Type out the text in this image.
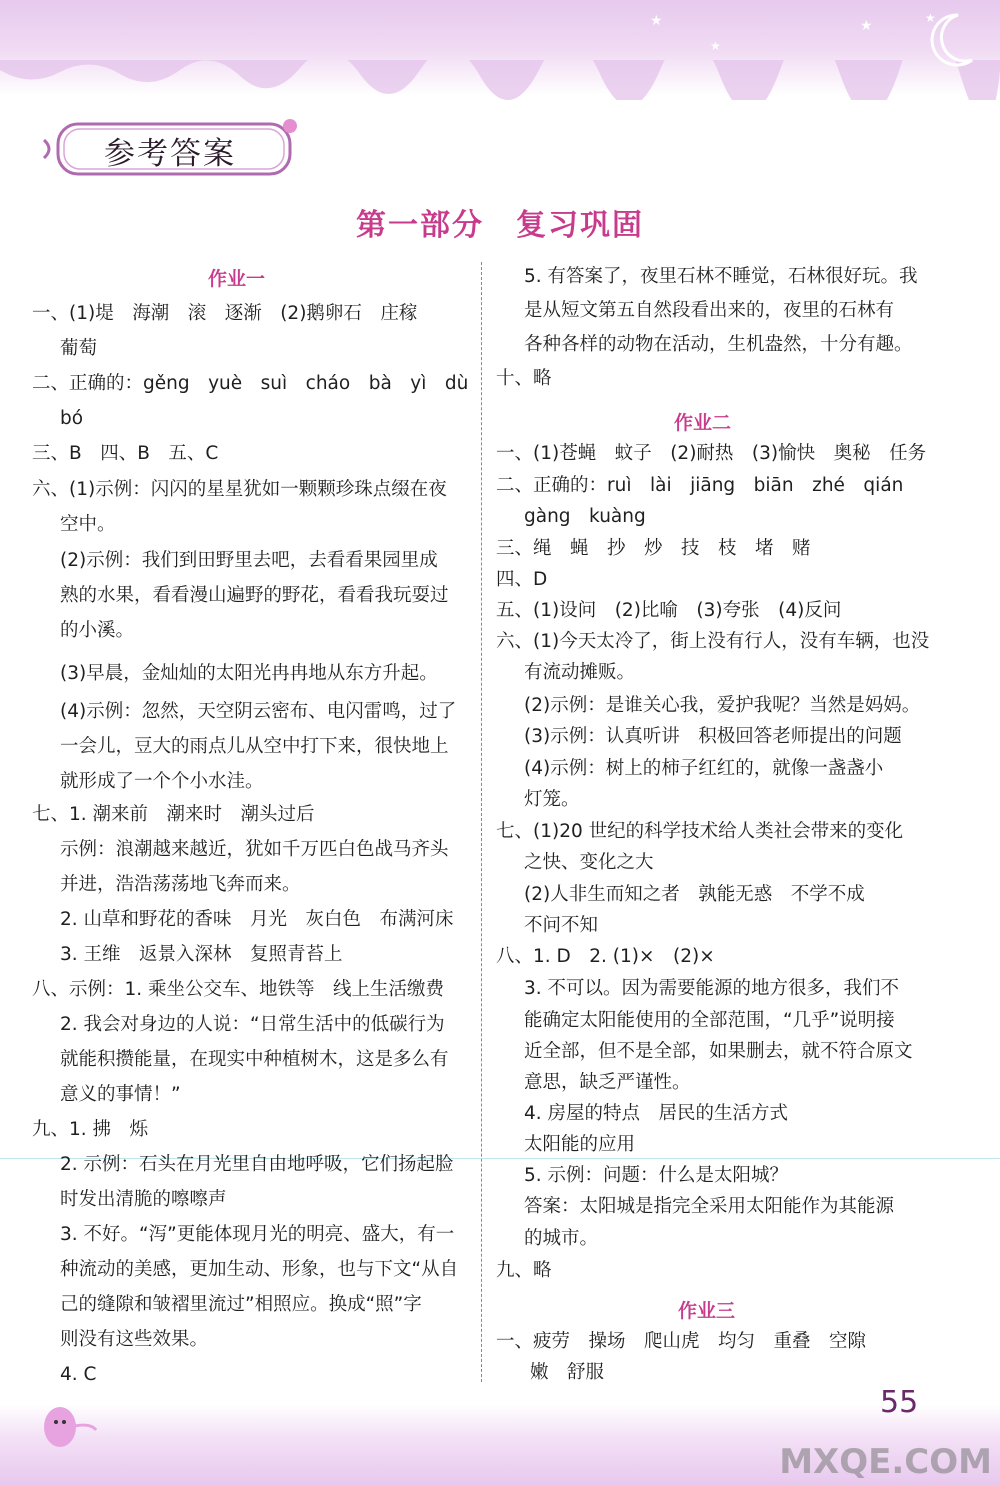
★
★
★	★
参考答案
第一部分　复习巩固
作业一
一、(1)堤　海潮　滚　逐渐　(2)鹅卵石　庄稼
葡萄
二、正确的：gěng　yuè　suì　cháo　bà　yì　dù
bó
三、B　四、B　五、C
六、(1)示例：闪闪的星星犹如一颗颗珍珠点缀在夜
空中。
(2)示例：我们到田野里去吧，去看看果园里成
熟的水果，看看漫山遍野的野花，看看我玩耍过
的小溪。
(3)早晨，金灿灿的太阳光冉冉地从东方升起。
(4)示例：忽然，天空阴云密布、电闪雷鸣，过了
一会儿，豆大的雨点儿从空中打下来，很快地上
就形成了一个个小水洼。
七、1. 潮来前　潮来时　潮头过后
示例：浪潮越来越近，犹如千万匹白色战马齐头
并进，浩浩荡荡地飞奔而来。
2. 山草和野花的香味　月光　灰白色　布满河床
3. 王维　返景入深林　复照青苔上
八、示例：1. 乘坐公交车、地铁等　线上生活缴费
2. 我会对身边的人说：“日常生活中的低碳行为
就能积攒能量，在现实中种植树木，这是多么有
意义的事情！”
九、1. 拂　烁
2. 示例：石头在月光里自由地呼吸，它们扬起脸
时发出清脆的嚓嚓声
3. 不好。“泻”更能体现月光的明亮、盛大，有一
种流动的美感，更加生动、形象，也与下文“从自
己的缝隙和皱褶里流过”相照应。换成“照”字
则没有这些效果。
4. C
5. 有答案了，夜里石林不睡觉，石林很好玩。我
是从短文第五自然段看出来的，夜里的石林有
各种各样的动物在活动，生机盎然，十分有趣。
十、略
作业二
一、(1)苍蝇　蚊子　(2)耐热　(3)愉快　奥秘　任务
二、正确的：ruì　lài　jiāng　biān　zhé　qián
gàng　kuàng
三、绳　蝇　抄　炒　技　枝　堵　赌
四、D
五、(1)设问　(2)比喻　(3)夸张　(4)反问
六、(1)今天太冷了，街上没有行人，没有车辆，也没
有流动摊贩。
(2)示例：是谁关心我，爱护我呢？当然是妈妈。
(3)示例：认真听讲　积极回答老师提出的问题
(4)示例：树上的柿子红红的，就像一盏盏小
灯笼。
七、(1)20 世纪的科学技术给人类社会带来的变化
之快、变化之大
(2)人非生而知之者　孰能无惑　不学不成
不问不知
八、1. D　2. (1)×　(2)×
3. 不可以。因为需要能源的地方很多，我们不
能确定太阳能使用的全部范围，“几乎”说明接
近全部，但不是全部，如果删去，就不符合原文
意思，缺乏严谨性。
4. 房屋的特点　居民的生活方式
太阳能的应用
5. 示例：问题：什么是太阳城？
答案：太阳城是指完全采用太阳能作为其能源
的城市。
九、略
作业三
一、疲劳　操场　爬山虎　均匀　重叠　空隙
嫩　舒服
55
MXQE.COM
